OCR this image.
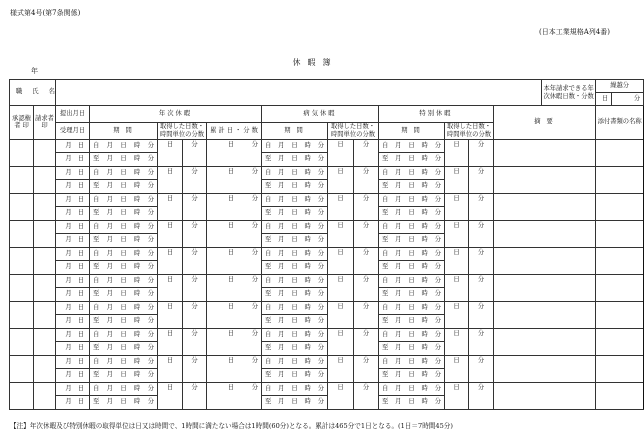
様式第4号(第7条関係)
(日本工業規格A列4番)
休暇簿
年
職 氏 名														本年請求できる年次休暇日数・分数	繰越分		
															日	分				
承認権者 印	請求者印	提出月日	年次休暇				病気休暇			特別休暇			摘 要		添付書類の名称		
		受理月日	期 間	取得した日数・時間単位の分数		累 計 日 ・ 分 数	期 間	取得した日数・時間単位の分数		期 間	取得した日数・時間単位の分数						

		月 日	自 月 日 時 分	日	分	日 分	自 月 日 時 分	日	分	自 月 日 時 分	日	分					

		月 日	至 月 日 時 分				至 月 日 時 分			至 月 日 時 分							

		月 日	自 月 日 時 分	日	分	日 分	自 月 日 時 分	日	分	自 月 日 時 分	日	分					

		月 日	至 月 日 時 分				至 月 日 時 分			至 月 日 時 分							

		月 日	自 月 日 時 分	日	分	日 分	自 月 日 時 分	日	分	自 月 日 時 分	日	分					

		月 日	至 月 日 時 分				至 月 日 時 分			至 月 日 時 分							

		月 日	自 月 日 時 分	日	分	日 分	自 月 日 時 分	日	分	自 月 日 時 分	日	分					

		月 日	至 月 日 時 分				至 月 日 時 分			至 月 日 時 分							

		月 日	自 月 日 時 分	日	分	日 分	自 月 日 時 分	日	分	自 月 日 時 分	日	分					

		月 日	至 月 日 時 分				至 月 日 時 分			至 月 日 時 分							

		月 日	自 月 日 時 分	日	分	日 分	自 月 日 時 分	日	分	自 月 日 時 分	日	分					

		月 日	至 月 日 時 分				至 月 日 時 分			至 月 日 時 分							

		月 日	自 月 日 時 分	日	分	日 分	自 月 日 時 分	日	分	自 月 日 時 分	日	分					

		月 日	至 月 日 時 分				至 月 日 時 分			至 月 日 時 分							

		月 日	自 月 日 時 分	日	分	日 分	自 月 日 時 分	日	分	自 月 日 時 分	日	分					

		月 日	至 月 日 時 分				至 月 日 時 分			至 月 日 時 分							

		月 日	自 月 日 時 分	日	分	日 分	自 月 日 時 分	日	分	自 月 日 時 分	日	分					

		月 日	至 月 日 時 分				至 月 日 時 分			至 月 日 時 分							

		月 日	自 月 日 時 分	日	分	日 分	自 月 日 時 分	日	分	自 月 日 時 分	日	分					

		月 日	至 月 日 時 分				至 月 日 時 分			至 月 日 時 分							
【注】年次休暇及び特別休暇の取得単位は日又は時間で、1時間に満たない場合は1時間(60分)となる。累計は465分で1日となる。(1日＝7時間45分)
